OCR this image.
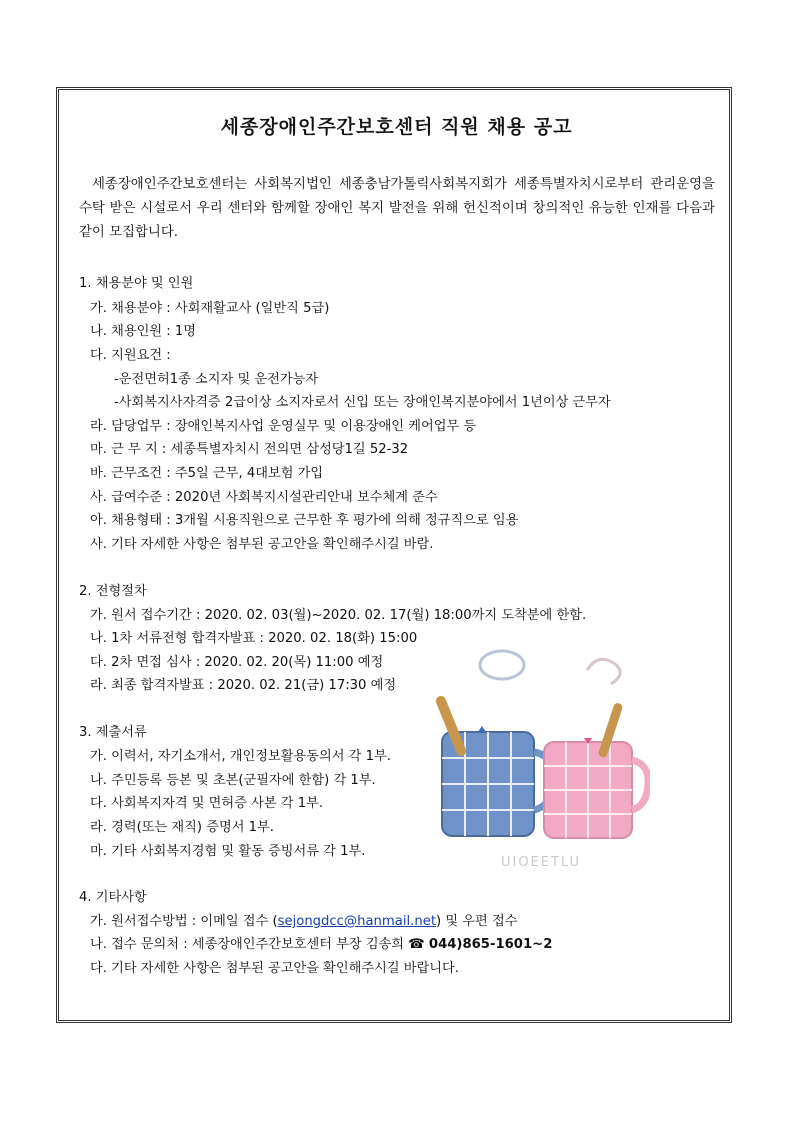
세종장애인주간보호센터 직원 채용 공고
세종장애인주간보호센터는 사회복지법인 세종충남가톨릭사회복지회가 세종특별자치시로부터 관리운영을 수탁 받은 시설로서 우리 센터와 함께할 장애인 복지 발전을 위해 헌신적이며 창의적인 유능한 인재를 다음과 같이 모집합니다.
1. 채용분야 및 인원
가. 채용분야 : 사회재활교사 (일반직 5급)
나. 채용인원 : 1명
다. 지원요건 :
-운전면허1종 소지자 및 운전가능자
-사회복지사자격증 2급이상 소지자로서 신입 또는 장애인복지분야에서 1년이상 근무자
라. 담당업무 : 장애인복지사업 운영실무 및 이용장애인 케어업무 등
마. 근 무 지 : 세종특별자치시 전의면 삼성당1길 52-32
바. 근무조건 : 주5일 근무, 4대보험 가입
사. 급여수준 : 2020년 사회복지시설관리안내 보수체계 준수
아. 채용형태 : 3개월 시용직원으로 근무한 후 평가에 의해 정규직으로 임용
사. 기타 자세한 사항은 첨부된 공고안을 확인해주시길 바람.
2. 전형절차
가. 원서 접수기간 : 2020. 02. 03(월)~2020. 02. 17(월) 18:00까지 도착분에 한함.
나. 1차 서류전형 합격자발표 : 2020. 02. 18(화) 15:00
다. 2차 면접 심사 : 2020. 02. 20(목) 11:00 예정
라. 최종 합격자발표 : 2020. 02. 21(금) 17:30 예정
3. 제출서류
가. 이력서, 자기소개서, 개인정보활용동의서 각 1부.
나. 주민등록 등본 및 초본(군필자에 한함) 각 1부.
다. 사회복지자격 및 면허증 사본 각 1부.
라. 경력(또는 재직) 증명서 1부.
마. 기타 사회복지경험 및 활동 증빙서류 각 1부.
4. 기타사항
가. 원서접수방법 : 이메일 접수 (sejongdcc@hanmail.net) 및 우편 접수
나. 접수 문의처 : 세종장애인주간보호센터 부장 김송희 ☎ 044)865-1601~2
다. 기타 자세한 사항은 첨부된 공고안을 확인해주시길 바랍니다.
UIOEETLU
